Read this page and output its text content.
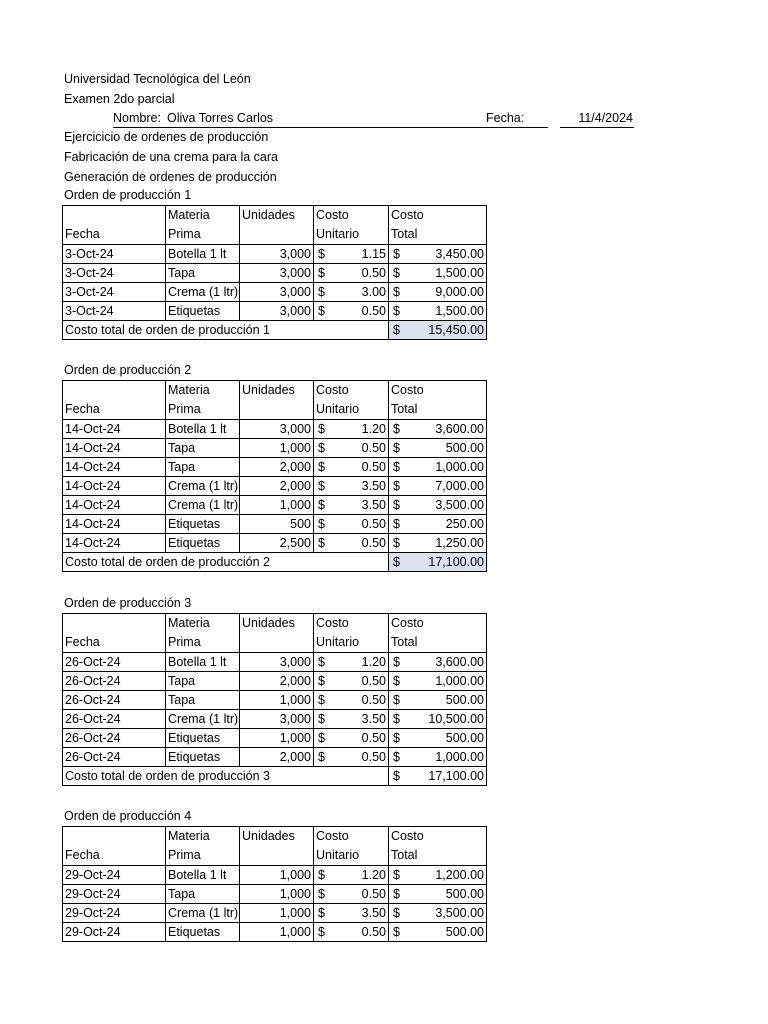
Universidad Tecnológica del León
Examen 2do parcial
Nombre: Oliva Torres Carlos	Fecha:	11/4/2024
Ejercicicio de ordenes de producción
Fabricación de una crema para la cara
Generación de ordenes de producción
Orden de producción 1
	Materia	Unidades	Costo	Costo
Fecha	Prima		Unitario	Total
3-Oct-24	Botella 1 lt	3,000	$ 1.15	$ 3,450.00

3-Oct-24	Tapa	3,000	$ 0.50	$ 1,500.00

3-Oct-24	Crema (1 ltr)	3,000	$ 3.00	$ 9,000.00

3-Oct-24	Etiquetas	3,000	$ 0.50	$ 1,500.00

Costo total de orden de producción 1				$ 15,450.00
Orden de producción 2
	Materia	Unidades	Costo	Costo
Fecha	Prima		Unitario	Total
14-Oct-24	Botella 1 lt	3,000	$ 1.20	$ 3,600.00

14-Oct-24	Tapa	1,000	$ 0.50	$ 500.00

14-Oct-24	Tapa	2,000	$ 0.50	$ 1,000.00

14-Oct-24	Crema (1 ltr)	2,000	$ 3.50	$ 7,000.00

14-Oct-24	Crema (1 ltr)	1,000	$ 3.50	$ 3,500.00

14-Oct-24	Etiquetas	500	$ 0.50	$ 250.00

14-Oct-24	Etiquetas	2,500	$ 0.50	$ 1,250.00

Costo total de orden de producción 2				$ 17,100.00
Orden de producción 3
	Materia	Unidades	Costo	Costo
Fecha	Prima		Unitario	Total
26-Oct-24	Botella 1 lt	3,000	$ 1.20	$ 3,600.00

26-Oct-24	Tapa	2,000	$ 0.50	$ 1,000.00

26-Oct-24	Tapa	1,000	$ 0.50	$ 500.00

26-Oct-24	Crema (1 ltr)	3,000	$ 3.50	$ 10,500.00

26-Oct-24	Etiquetas	1,000	$ 0.50	$ 500.00

26-Oct-24	Etiquetas	2,000	$ 0.50	$ 1,000.00

Costo total de orden de producción 3				$ 17,100.00
Orden de producción 4
	Materia	Unidades	Costo	Costo
Fecha	Prima		Unitario	Total
29-Oct-24	Botella 1 lt	1,000	$ 1.20	$ 1,200.00

29-Oct-24	Tapa	1,000	$ 0.50	$ 500.00

29-Oct-24	Crema (1 ltr)	1,000	$ 3.50	$ 3,500.00

29-Oct-24	Etiquetas	1,000	$ 0.50	$ 500.00
